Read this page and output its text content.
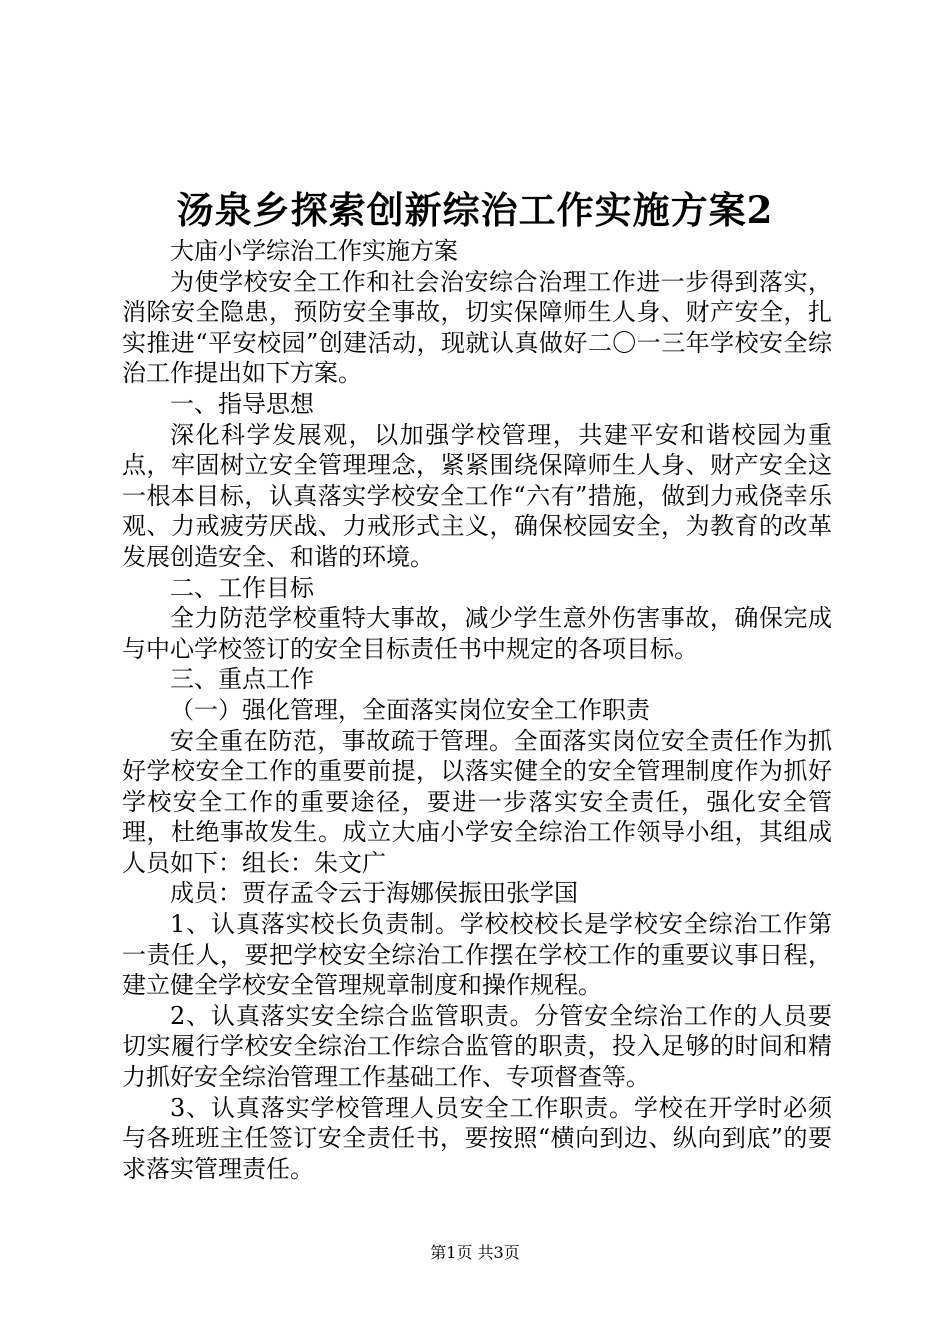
汤泉乡探索创新综治工作实施方案2

大庙小学综治工作实施方案

为使学校安全工作和社会治安综合治理工作进一步得到落实，消除安全隐患，预防安全事故，切实保障师生人身、财产安全，扎实推进“平安校园”创建活动，现就认真做好二〇一三年学校安全综治工作提出如下方案。

一、指导思想

深化科学发展观，以加强学校管理，共建平安和谐校园为重点，牢固树立安全管理理念，紧紧围绕保障师生人身、财产安全这一根本目标，认真落实学校安全工作“六有”措施，做到力戒侥幸乐观、力戒疲劳厌战、力戒形式主义，确保校园安全，为教育的改革发展创造安全、和谐的环境。

二、工作目标

全力防范学校重特大事故，减少学生意外伤害事故，确保完成与中心学校签订的安全目标责任书中规定的各项目标。

三、重点工作

（一）强化管理，全面落实岗位安全工作职责

安全重在防范，事故疏于管理。全面落实岗位安全责任作为抓好学校安全工作的重要前提，以落实健全的安全管理制度作为抓好学校安全工作的重要途径，要进一步落实安全责任，强化安全管理，杜绝事故发生。成立大庙小学安全综治工作领导小组，其组成人员如下：组长：朱文广

成员：贾存孟令云于海娜侯振田张学国

1、认真落实校长负责制。学校校校长是学校安全综治工作第一责任人，要把学校安全综治工作摆在学校工作的重要议事日程，建立健全学校安全管理规章制度和操作规程。

2、认真落实安全综合监管职责。分管安全综治工作的人员要切实履行学校安全综治工作综合监管的职责，投入足够的时间和精力抓好安全综治管理工作基础工作、专项督查等。

3、认真落实学校管理人员安全工作职责。学校在开学时必须与各班班主任签订安全责任书，要按照“横向到边、纵向到底”的要求落实管理责任。

第1页 共3页
